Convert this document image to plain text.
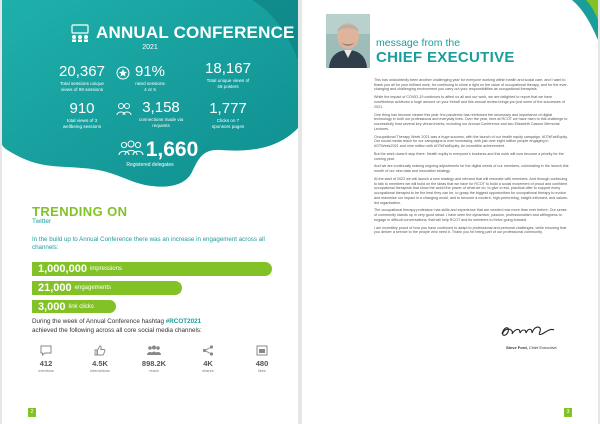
ANNUAL CONFERENCE
2021
20,367
Total sessions unique
views of 99 sessions
91%
rated sessions
4 or 5
18,167
Total unique views of
48 posters
910
total views of 3
wellbeing sessions
3,158
connections made via
requests
1,777
Clicks on 7
sponsors pages
1,660
Registered delegates
TRENDING ON
Twitter
In the build up to Annual Conference there was an increase in engagement across all channels:
1,000,000 impressions
21,000 engagements
3,000 link clicks
During the week of Annual Conference hashtag #RCOT2021
achieved the following across all core social media channels:
412
mentions
4.5K
interactions
898.2K
reach
4K
shares
480
likes
2
message from the
CHIEF EXECUTIVE

This has undoubtedly been another challenging year for everyone working within health and social care, and I want to thank you all for your brilliant work, for continuing to shine a light on the value of occupational therapy, and for the ever-changing and challenging environment you carry out your responsibilities as occupational therapists.

While the impact of COVID-19 continues to affect us all and our work, we are delighted to report that we have nonetheless achieved a huge amount on your behalf and this annual review brings you just some of the successes of 2021.

One thing has become clearer this year: the pandemic has reinforced the necessary and importance of digital technology in both our professional and everyday lives. Over the year, here at RCOT we have risen to this challenge to successfully host several key virtual events, including our Annual Conference and two Elizabeth Casson Memorial Lectures.

Occupational Therapy Week 2021 was a huge success, with the launch of our health equity campaign, #OTsFairEquity. Our social media reach for our campaigns is ever increasing, with just over eight million people engaging in #OTWeek2021 and nine million with #OTsFairEquity. An incredible achievement.

But the work doesn't stop there. Health equity is everyone's business and this work will now become a priority for the coming year.

And we are continually making ongoing adjustments for the digital needs of our members, culminating in the launch this month of our new data and innovation strategy.

At the start of 2022 we will launch a new strategy and rebrand that will resonate with members. And through continuing to talk to members we will build on the ideas that we have for RCOT to build a social movement of proud and confident occupational therapists that show the world the power of what we do, to give a real, practical offer to support every occupational therapist to be the best they can be, to grasp the biggest opportunities for occupational therapy to evolve and maximise our impact in a changing world, and to become a modern, high-performing, insight-informed, and values-led organisation.

The occupational therapy profession has skills and experience that are needed now more than ever before. Our sense of community stands up in very good stead. I have seen the dynamism, passion, professionalism and willingness to engage in difficult conversations, that will help RCOT and its members to thrive going forward.

I am incredibly proud of how you have continued to adapt to professional and personal challenges, while ensuring that you deliver a service to the people who need it. Thank you for being part of our professional community.

Steve Ford, Chief Executive
3
